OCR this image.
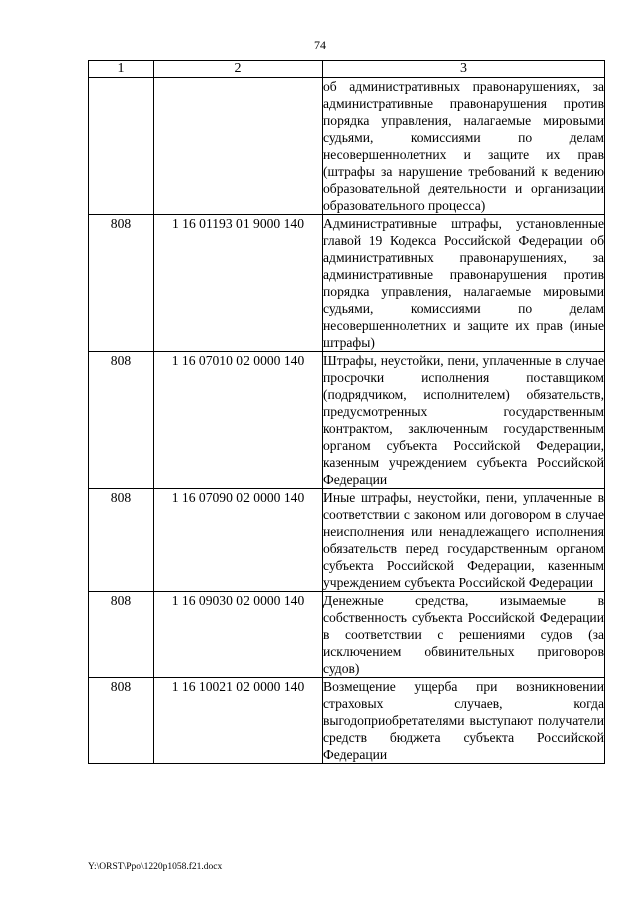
74
1	2	3
		об административных правонарушениях, за административные правонарушения против порядка управления, налагаемые мировыми судьями, комиссиями по делам несовершеннолетних и защите их прав (штрафы за нарушение требований к ведению образовательной деятельности и организации образовательного процесса)
808	1 16 01193 01 9000 140	Административные штрафы, установленные главой 19 Кодекса Российской Федерации об административных правонарушениях, за административные правонарушения против порядка управления, налагаемые мировыми судьями, комиссиями по делам несовершеннолетних и защите их прав (иные штрафы)
808	1 16 07010 02 0000 140	Штрафы, неустойки, пени, уплаченные в случае просрочки исполнения поставщиком (подрядчиком, исполнителем) обязательств, предусмотренных государственным контрактом, заключенным государственным органом субъекта Российской Федерации, казенным учреждением субъекта Российской Федерации
808	1 16 07090 02 0000 140	Иные штрафы, неустойки, пени, уплаченные в соответствии с законом или договором в случае неисполнения или ненадлежащего исполнения обязательств перед государственным органом субъекта Российской Федерации, казенным учреждением субъекта Российской Федерации
808	1 16 09030 02 0000 140	Денежные средства, изымаемые в собственность субъекта Российской Федерации в соответствии с решениями судов (за исключением обвинительных приговоров судов)
808	1 16 10021 02 0000 140	Возмещение ущерба при возникновении страховых случаев, когда выгодоприобретателями выступают получатели средств бюджета субъекта Российской Федерации
Y:\ORST\Ppo\1220p1058.f21.docx
